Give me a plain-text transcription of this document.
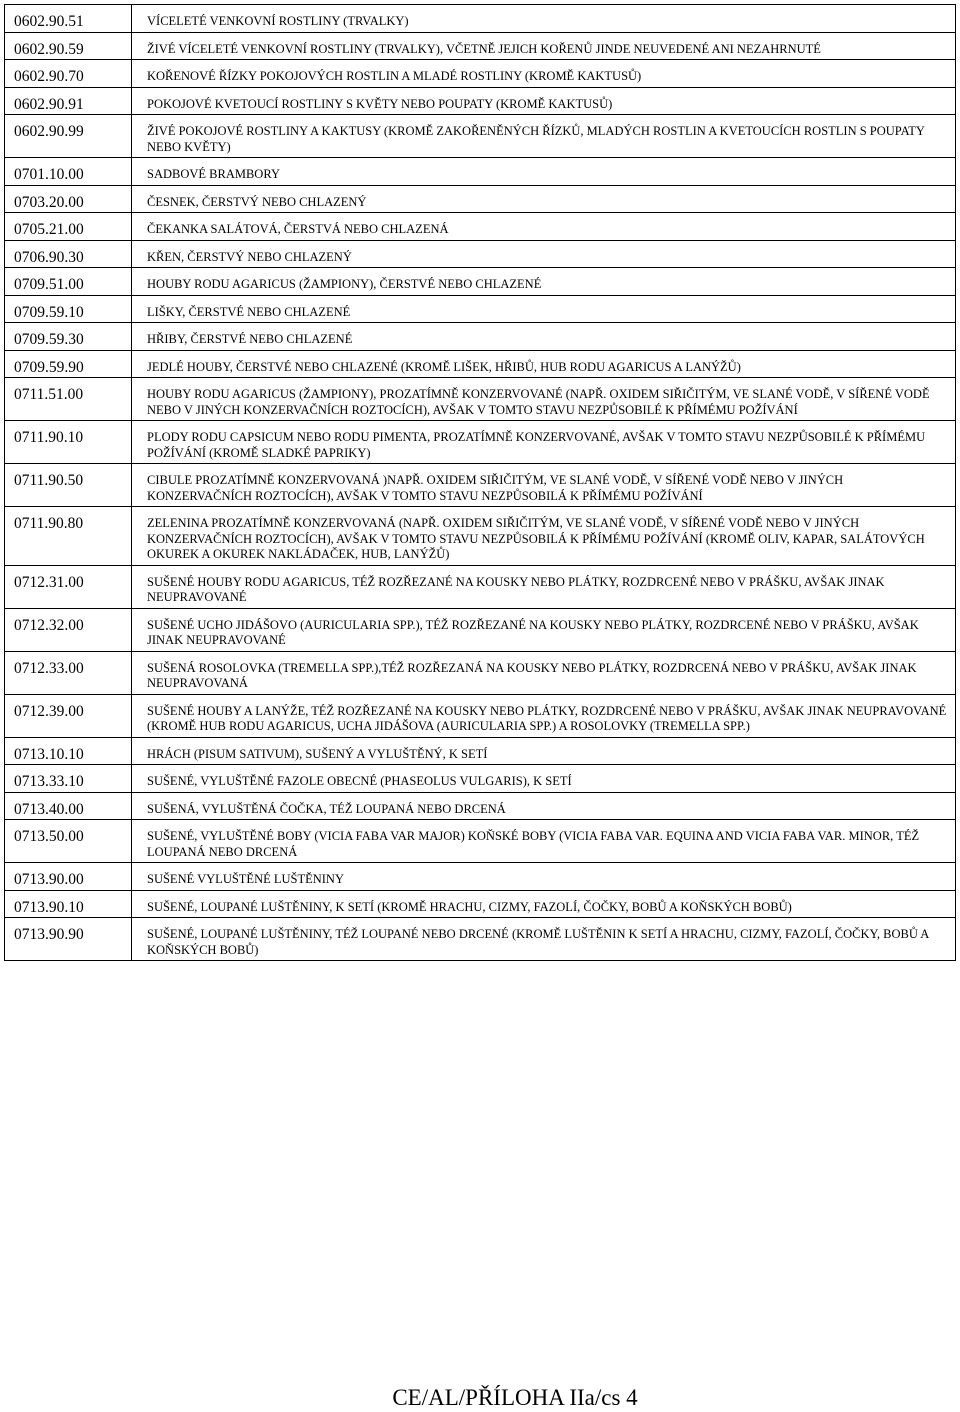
0602.90.51	VÍCELETÉ VENKOVNÍ ROSTLINY (TRVALKY)
0602.90.59	ŽIVÉ VÍCELETÉ VENKOVNÍ ROSTLINY (TRVALKY), VČETNĚ JEJICH KOŘENŮ JINDE NEUVEDENÉ ANI NEZAHRNUTÉ
0602.90.70	KOŘENOVÉ ŘÍZKY POKOJOVÝCH ROSTLIN A MLADÉ ROSTLINY (KROMĚ KAKTUSŮ)
0602.90.91	POKOJOVÉ KVETOUCÍ ROSTLINY S KVĚTY NEBO POUPATY (KROMĚ KAKTUSŮ)
0602.90.99	ŽIVÉ POKOJOVÉ ROSTLINY A KAKTUSY (KROMĚ ZAKOŘENĚNÝCH ŘÍZKŮ, MLADÝCH ROSTLIN A KVETOUCÍCH ROSTLIN S POUPATY NEBO KVĚTY)
0701.10.00	SADBOVÉ BRAMBORY
0703.20.00	ČESNEK, ČERSTVÝ NEBO CHLAZENÝ
0705.21.00	ČEKANKA SALÁTOVÁ, ČERSTVÁ NEBO CHLAZENÁ
0706.90.30	KŘEN, ČERSTVÝ NEBO CHLAZENÝ
0709.51.00	HOUBY RODU AGARICUS (ŽAMPIONY), ČERSTVÉ NEBO CHLAZENÉ
0709.59.10	LIŠKY, ČERSTVÉ NEBO CHLAZENÉ
0709.59.30	HŘIBY, ČERSTVÉ NEBO CHLAZENÉ
0709.59.90	JEDLÉ HOUBY, ČERSTVÉ NEBO CHLAZENÉ (KROMĚ LIŠEK, HŘIBŮ, HUB RODU AGARICUS A LANÝŽŮ)
0711.51.00	HOUBY RODU AGARICUS (ŽAMPIONY), PROZATÍMNĚ KONZERVOVANÉ (NAPŘ. OXIDEM SIŘIČITÝM, VE SLANÉ VODĚ, V SÍŘENÉ VODĚ NEBO V JINÝCH KONZERVAČNÍCH ROZTOCÍCH), AVŠAK V TOMTO STAVU NEZPŮSOBILÉ K PŘÍMÉMU POŽÍVÁNÍ
0711.90.10	PLODY RODU CAPSICUM NEBO RODU PIMENTA, PROZATÍMNĚ KONZERVOVANÉ, AVŠAK V TOMTO STAVU NEZPŮSOBILÉ K PŘÍMÉMU POŽÍVÁNÍ (KROMĚ SLADKÉ PAPRIKY)
0711.90.50	CIBULE PROZATÍMNĚ KONZERVOVANÁ )NAPŘ. OXIDEM SIŘIČITÝM, VE SLANÉ VODĚ, V SÍŘENÉ VODĚ NEBO V JINÝCH KONZERVAČNÍCH ROZTOCÍCH), AVŠAK V TOMTO STAVU NEZPŮSOBILÁ K PŘÍMÉMU POŽÍVÁNÍ
0711.90.80	ZELENINA PROZATÍMNĚ KONZERVOVANÁ (NAPŘ. OXIDEM SIŘIČITÝM, VE SLANÉ VODĚ, V SÍŘENÉ VODĚ NEBO V JINÝCH KONZERVAČNÍCH ROZTOCÍCH), AVŠAK V TOMTO STAVU NEZPŮSOBILÁ K PŘÍMÉMU POŽÍVÁNÍ (KROMĚ OLIV, KAPAR, SALÁTOVÝCH OKUREK A OKUREK NAKLÁDAČEK, HUB, LANÝŽŮ)
0712.31.00	SUŠENÉ HOUBY RODU AGARICUS, TÉŽ ROZŘEZANÉ NA KOUSKY NEBO PLÁTKY, ROZDRCENÉ NEBO V PRÁŠKU, AVŠAK JINAK NEUPRAVOVANÉ
0712.32.00	SUŠENÉ UCHO JIDÁŠOVO (AURICULARIA SPP.), TÉŽ ROZŘEZANÉ NA KOUSKY NEBO PLÁTKY, ROZDRCENÉ NEBO V PRÁŠKU, AVŠAK JINAK NEUPRAVOVANÉ
0712.33.00	SUŠENÁ ROSOLOVKA (TREMELLA SPP.),TÉŽ ROZŘEZANÁ NA KOUSKY NEBO PLÁTKY, ROZDRCENÁ NEBO V PRÁŠKU, AVŠAK JINAK NEUPRAVOVANÁ
0712.39.00	SUŠENÉ HOUBY A LANÝŽE, TÉŽ ROZŘEZANÉ NA KOUSKY NEBO PLÁTKY, ROZDRCENÉ NEBO V PRÁŠKU, AVŠAK JINAK NEUPRAVOVANÉ (KROMĚ HUB RODU AGARICUS, UCHA JIDÁŠOVA (AURICULARIA SPP.) A ROSOLOVKY (TREMELLA SPP.)
0713.10.10	HRÁCH (PISUM SATIVUM), SUŠENÝ A VYLUŠTĚNÝ, K SETÍ
0713.33.10	SUŠENÉ, VYLUŠTĚNÉ FAZOLE OBECNÉ (PHASEOLUS VULGARIS), K SETÍ
0713.40.00	SUŠENÁ, VYLUŠTĚNÁ ČOČKA, TÉŽ LOUPANÁ NEBO DRCENÁ
0713.50.00	SUŠENÉ, VYLUŠTĚNÉ BOBY (VICIA FABA VAR MAJOR) KOŇSKÉ BOBY (VICIA FABA VAR. EQUINA AND VICIA FABA VAR. MINOR, TÉŽ LOUPANÁ NEBO DRCENÁ
0713.90.00	SUŠENÉ VYLUŠTĚNÉ LUŠTĚNINY
0713.90.10	SUŠENÉ, LOUPANÉ LUŠTĚNINY, K SETÍ (KROMĚ HRACHU, CIZMY, FAZOLÍ, ČOČKY, BOBŮ A KOŇSKÝCH BOBŮ)
0713.90.90	SUŠENÉ, LOUPANÉ LUŠTĚNINY, TÉŽ LOUPANÉ NEBO DRCENÉ (KROMĚ LUŠTĚNIN K SETÍ A HRACHU, CIZMY, FAZOLÍ, ČOČKY, BOBŮ A KOŇSKÝCH BOBŮ)
CE/AL/PŘÍLOHA IIa/cs 4
